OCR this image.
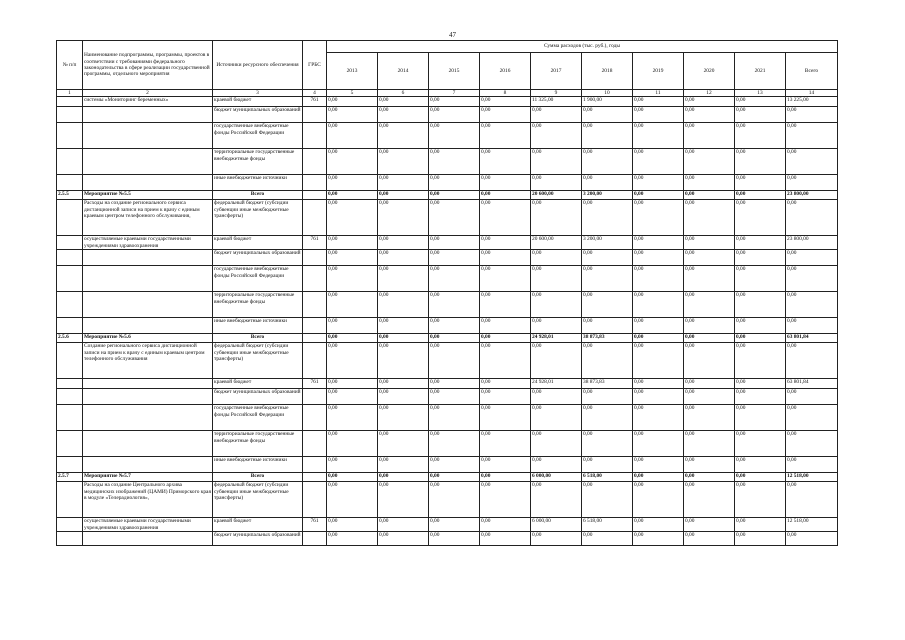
47
№ п/п	Наименование подпрограммы, программы, проектов в соответствии с требованиями федерального законодательства в сфере реализации государственной программы, отдельного мероприятия	Источники ресурсного обеспечения	ГРБС	Сумма расходов (тыс. руб.), годы									
				2013	2014	2015	2016	2017	2018	2019	2020	2021	Всего
1	2	3	4	5	6	7	8	9	10	11	12	13	14
	системы «Мониторинг беременных»	краевой бюджет	761	0,00	0,00	0,00	0,00	11 325,00	1 900,00	0,00	0,00	0,00	13 225,00
		бюджет муниципальных образований		0,00	0,00	0,00	0,00	0,00	0,00	0,00	0,00	0,00	0,00
		государственные внебюджетные фонды Российской Федерации		0,00	0,00	0,00	0,00	0,00	0,00	0,00	0,00	0,00	0,00
		территориальные государственные внебюджетные фонды		0,00	0,00	0,00	0,00	0,00	0,00	0,00	0,00	0,00	0,00
		иные внебюджетные источники		0,00	0,00	0,00	0,00	0,00	0,00	0,00	0,00	0,00	0,00
2.5.5	Мероприятие №5.5	Всего		0,00	0,00	0,00	0,00	20 600,00	3 200,00	0,00	0,00	0,00	23 800,00
	Расходы на создание регионального сервиса дистанционной записи на прием к врачу с единым краевым центром телефонного обслуживания,	федеральный бюджет (субсидии субвенции иные межбюджетные трансферты)		0,00	0,00	0,00	0,00	0,00	0,00	0,00	0,00	0,00	0,00
	осуществляемые краевыми государственными учреждениями здравоохранения	краевой бюджет	761	0,00	0,00	0,00	0,00	20 600,00	3 200,00	0,00	0,00	0,00	23 800,00
		бюджет муниципальных образований		0,00	0,00	0,00	0,00	0,00	0,00	0,00	0,00	0,00	0,00
		государственные внебюджетные фонды Российской Федерации		0,00	0,00	0,00	0,00	0,00	0,00	0,00	0,00	0,00	0,00
		территориальные государственные внебюджетные фонды		0,00	0,00	0,00	0,00	0,00	0,00	0,00	0,00	0,00	0,00
		иные внебюджетные источники		0,00	0,00	0,00	0,00	0,00	0,00	0,00	0,00	0,00	0,00
2.5.6	Мероприятие №5.6	Всего		0,00	0,00	0,00	0,00	24 928,01	38 873,83	0,00	0,00	0,00	63 801,84
	Создание регионального сервиса дистанционной записи на прием к врачу с единым краевым центром телефонного обслуживания	федеральный бюджет (субсидии субвенции иные межбюджетные трансферты)		0,00	0,00	0,00	0,00	0,00	0,00	0,00	0,00	0,00	0,00
		краевой бюджет	761	0,00	0,00	0,00	0,00	24 928,01	38 873,83	0,00	0,00	0,00	63 801,84
		бюджет муниципальных образований		0,00	0,00	0,00	0,00	0,00	0,00	0,00	0,00	0,00	0,00
		государственные внебюджетные фонды Российской Федерации		0,00	0,00	0,00	0,00	0,00	0,00	0,00	0,00	0,00	0,00
		территориальные государственные внебюджетные фонды		0,00	0,00	0,00	0,00	0,00	0,00	0,00	0,00	0,00	0,00
		иные внебюджетные источники		0,00	0,00	0,00	0,00	0,00	0,00	0,00	0,00	0,00	0,00
2.5.7	Мероприятие №5.7	Всего		0,00	0,00	0,00	0,00	6 000,00	6 518,00	0,00	0,00	0,00	12 518,00
	Расходы на создание Центрального архива медицинских изображений (ЦАМИ) Приморского края в модуле «Телерадиология»,	федеральный бюджет (субсидии субвенции иные межбюджетные трансферты)		0,00	0,00	0,00	0,00	0,00	0,00	0,00	0,00	0,00	0,00
	осуществляемые краевыми государственными учреждениями здравоохранения	краевой бюджет	761	0,00	0,00	0,00	0,00	6 000,00	6 518,00	0,00	0,00	0,00	12 518,00
		бюджет муниципальных образований		0,00	0,00	0,00	0,00	0,00	0,00	0,00	0,00	0,00	0,00
